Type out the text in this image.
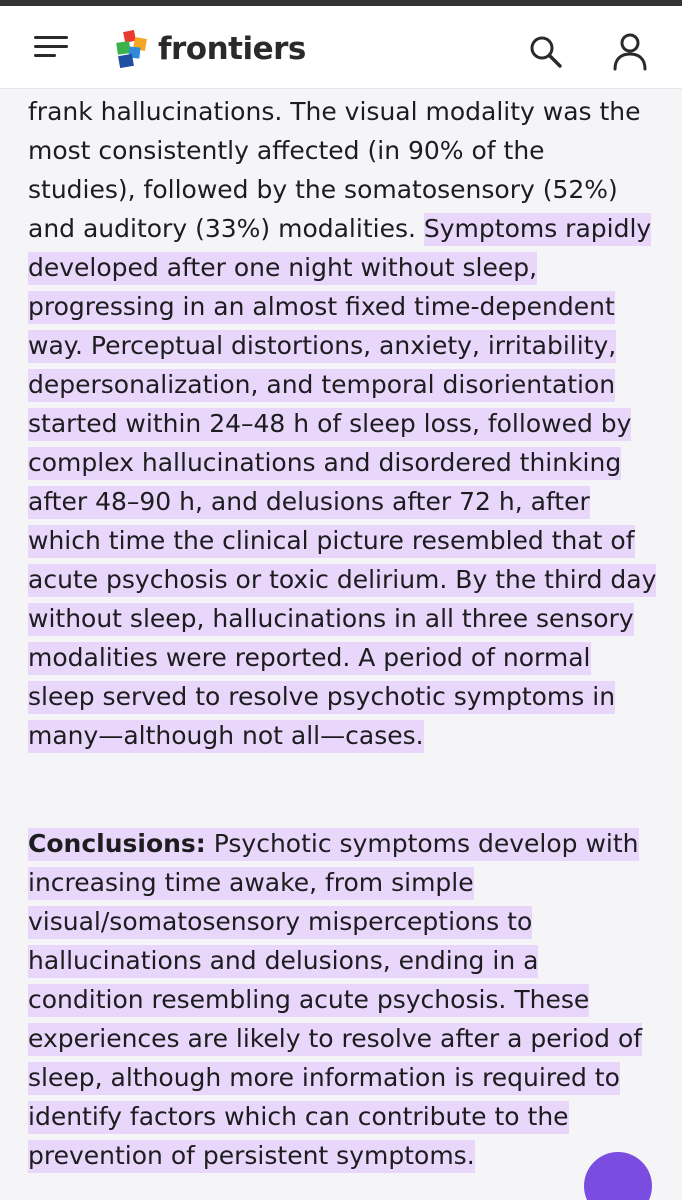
frontiers

frank hallucinations. The visual modality was the most consistently affected (in 90% of the studies), followed by the somatosensory (52%) and auditory (33%) modalities. Symptoms rapidly developed after one night without sleep, progressing in an almost fixed time-dependent way. Perceptual distortions, anxiety, irritability, depersonalization, and temporal disorientation started within 24–48 h of sleep loss, followed by complex hallucinations and disordered thinking after 48–90 h, and delusions after 72 h, after which time the clinical picture resembled that of acute psychosis or toxic delirium. By the third day without sleep, hallucinations in all three sensory modalities were reported. A period of normal sleep served to resolve psychotic symptoms in many—although not all—cases.

Conclusions: Psychotic symptoms develop with increasing time awake, from simple visual/somatosensory misperceptions to hallucinations and delusions, ending in a condition resembling acute psychosis. These experiences are likely to resolve after a period of sleep, although more information is required to identify factors which can contribute to the prevention of persistent symptoms.
